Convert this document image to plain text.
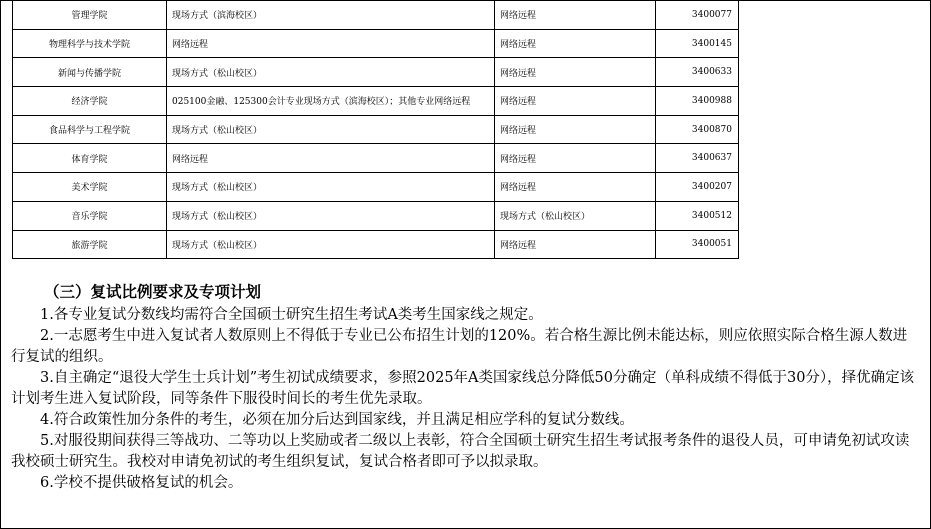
管理学院	现场方式（滨海校区）	网络远程	3400077
物理科学与技术学院	网络远程	网络远程	3400145
新闻与传播学院	现场方式（松山校区）	网络远程	3400633
经济学院	025100金融、125300会计专业现场方式（滨海校区）；其他专业网络远程	网络远程	3400988
食品科学与工程学院	现场方式（松山校区）	网络远程	3400870
体育学院	网络远程	网络远程	3400637
美术学院	现场方式（松山校区）	网络远程	3400207
音乐学院	现场方式（松山校区）	现场方式（松山校区）	3400512
旅游学院	现场方式（松山校区）	网络远程	3400051
（三）复试比例要求及专项计划

1.各专业复试分数线均需符合全国硕士研究生招生考试A类考生国家线之规定。

2.一志愿考生中进入复试者人数原则上不得低于专业已公布招生计划的120%。若合格生源比例未能达标，则应依照实际合格生源人数进行复试的组织。

3.自主确定“退役大学生士兵计划”考生初试成绩要求，参照2025年A类国家线总分降低50分确定（单科成绩不得低于30分），择优确定该计划考生进入复试阶段，同等条件下服役时间长的考生优先录取。

4.符合政策性加分条件的考生，必须在加分后达到国家线，并且满足相应学科的复试分数线。

5.对服役期间获得三等战功、二等功以上奖励或者二级以上表彰，符合全国硕士研究生招生考试报考条件的退役人员，可申请免初试攻读我校硕士研究生。我校对申请免初试的考生组织复试，复试合格者即可予以拟录取。

6.学校不提供破格复试的机会。
